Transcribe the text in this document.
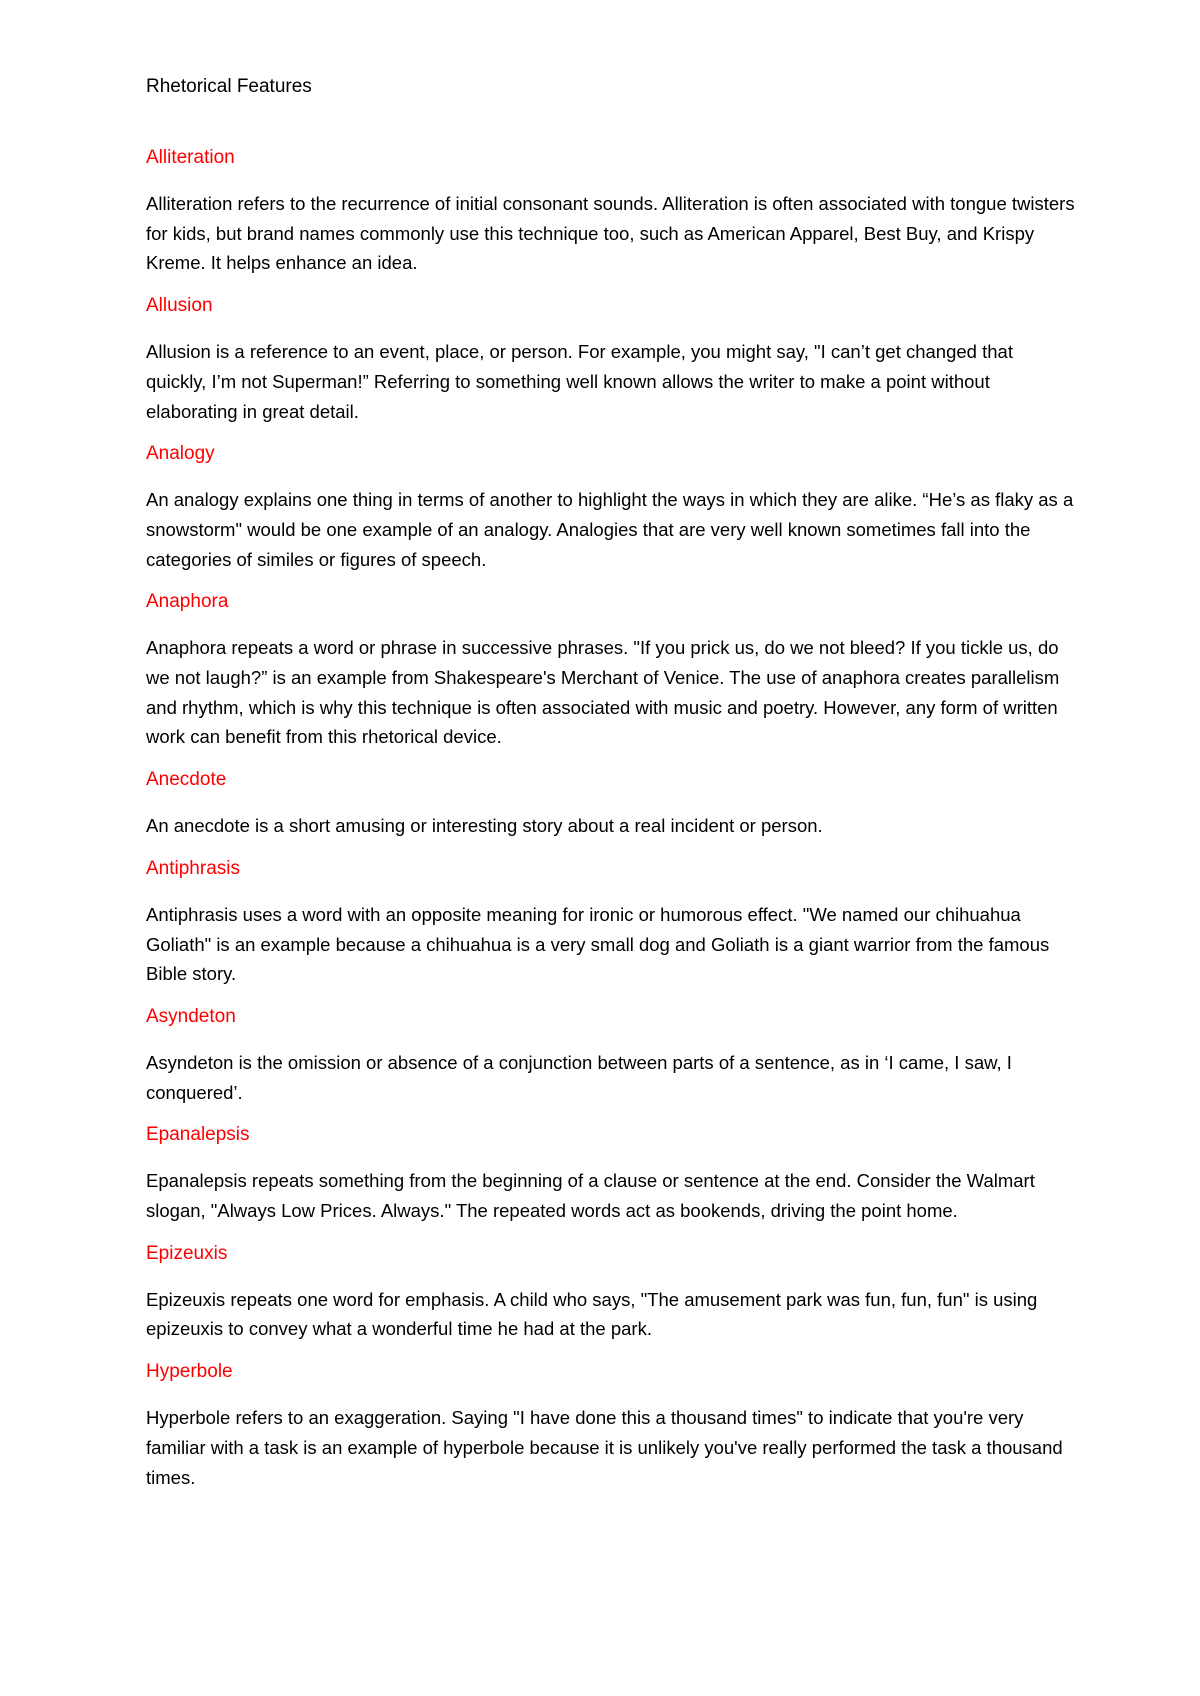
Rhetorical Features
Alliteration

Alliteration refers to the recurrence of initial consonant sounds. Alliteration is often associated with tongue twisters for kids, but brand names commonly use this technique too, such as American Apparel, Best Buy, and Krispy Kreme. It helps enhance an idea.

Allusion

Allusion is a reference to an event, place, or person. For example, you might say, "I can’t get changed that quickly, I’m not Superman!” Referring to something well known allows the writer to make a point without elaborating in great detail.

Analogy

An analogy explains one thing in terms of another to highlight the ways in which they are alike. “He’s as flaky as a snowstorm" would be one example of an analogy. Analogies that are very well known sometimes fall into the categories of similes or figures of speech.

Anaphora

Anaphora repeats a word or phrase in successive phrases. "If you prick us, do we not bleed? If you tickle us, do we not laugh?” is an example from Shakespeare's Merchant of Venice. The use of anaphora creates parallelism and rhythm, which is why this technique is often associated with music and poetry. However, any form of written work can benefit from this rhetorical device.

Anecdote

An anecdote is a short amusing or interesting story about a real incident or person.

Antiphrasis

Antiphrasis uses a word with an opposite meaning for ironic or humorous effect. "We named our chihuahua Goliath" is an example because a chihuahua is a very small dog and Goliath is a giant warrior from the famous Bible story.

Asyndeton

Asyndeton is the omission or absence of a conjunction between parts of a sentence, as in ‘I came, I saw, I conquered’.

Epanalepsis

Epanalepsis repeats something from the beginning of a clause or sentence at the end. Consider the Walmart slogan, "Always Low Prices. Always." The repeated words act as bookends, driving the point home.

Epizeuxis

Epizeuxis repeats one word for emphasis. A child who says, "The amusement park was fun, fun, fun" is using epizeuxis to convey what a wonderful time he had at the park.

Hyperbole

Hyperbole refers to an exaggeration. Saying "I have done this a thousand times" to indicate that you're very familiar with a task is an example of hyperbole because it is unlikely you've really performed the task a thousand times.
